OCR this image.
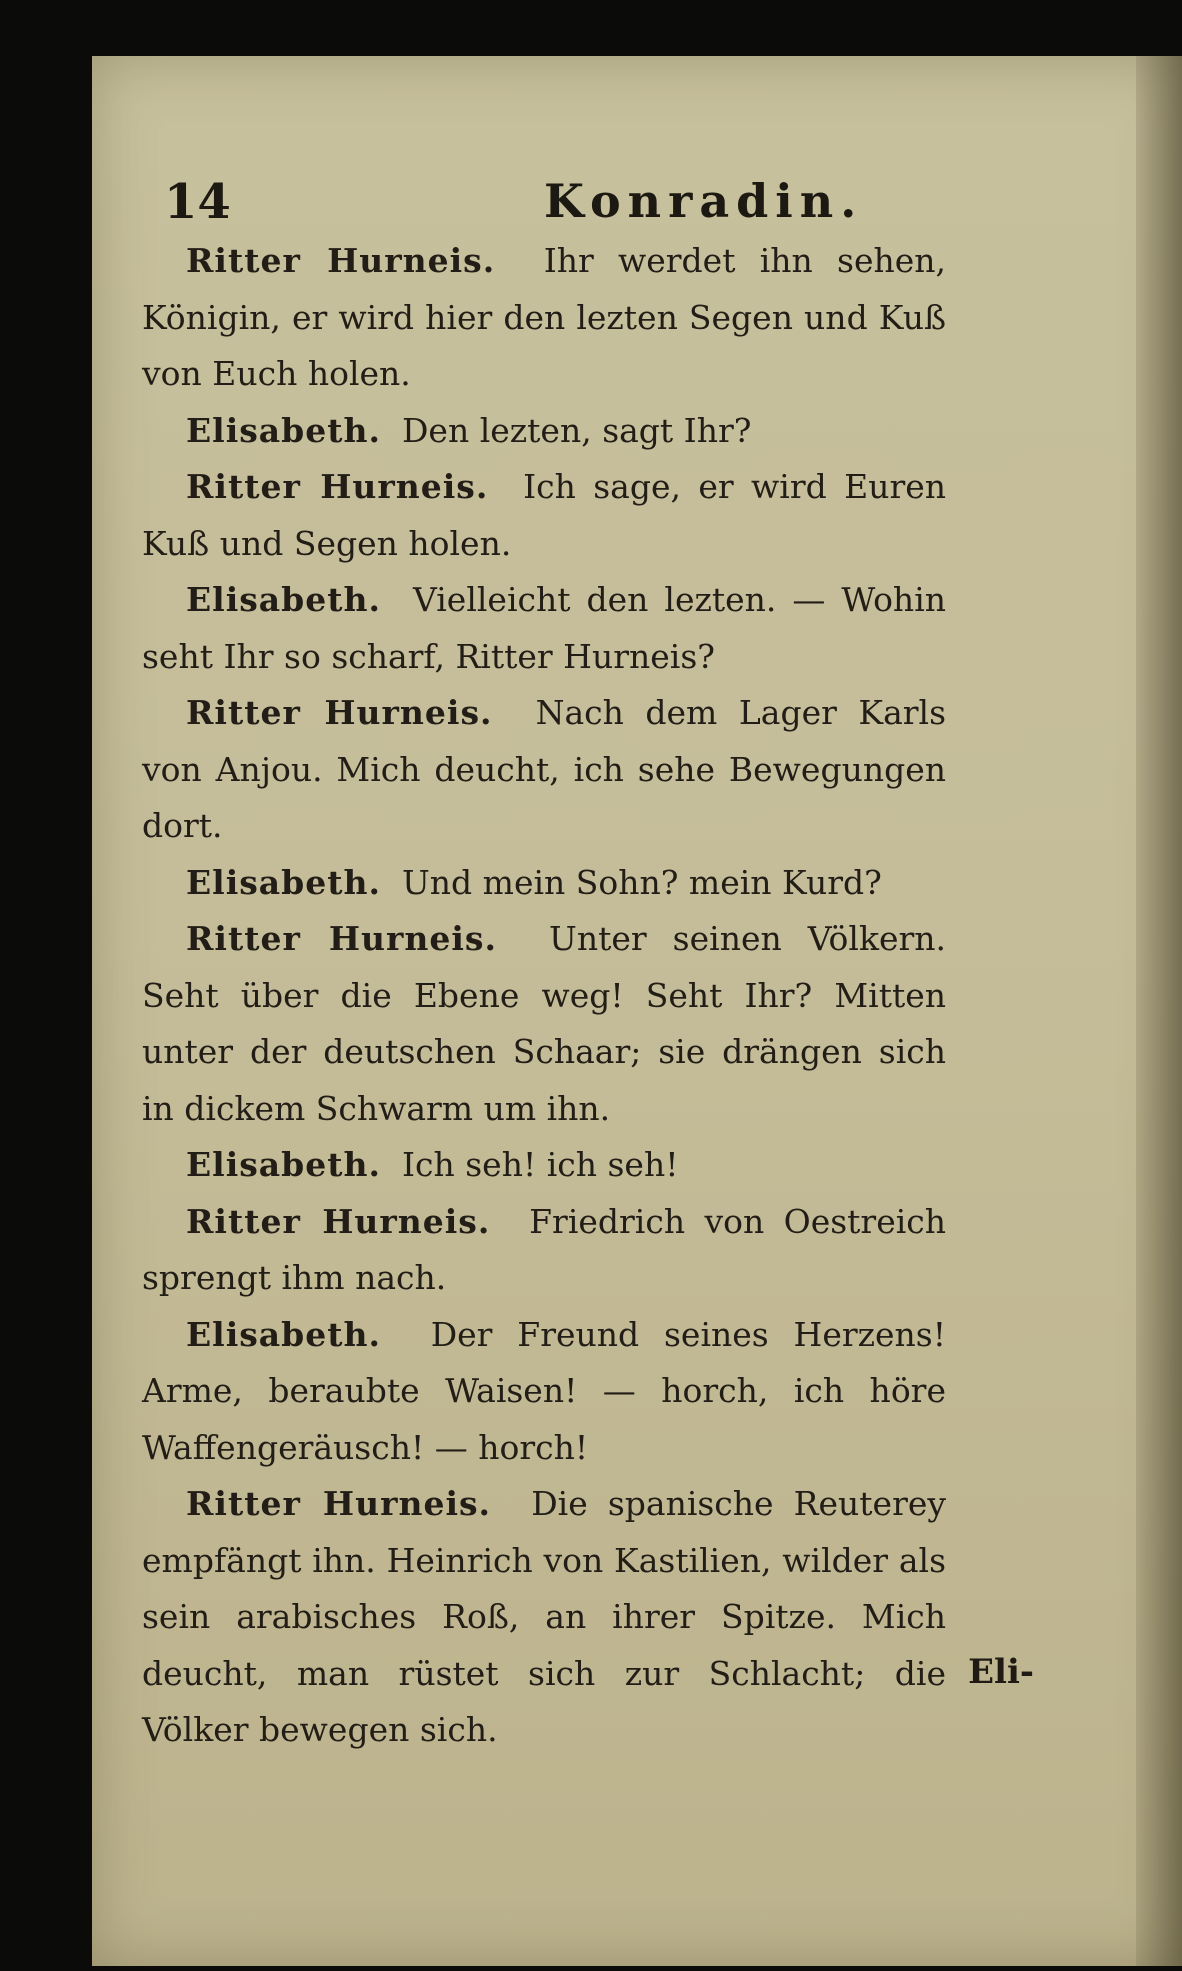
14	Konradin.

Ritter Hurneis. Ihr werdet ihn sehen, Königin, er wird hier den lezten Segen und Kuß von Euch holen.

Elisabeth. Den lezten, sagt Ihr?

Ritter Hurneis. Ich sage, er wird Euren Kuß und Segen holen.

Elisabeth. Vielleicht den lezten. — Wohin seht Ihr so scharf, Ritter Hurneis?

Ritter Hurneis. Nach dem Lager Karls von Anjou. Mich deucht, ich sehe Bewegungen dort.

Elisabeth. Und mein Sohn? mein Kurd?

Ritter Hurneis. Unter seinen Völkern. Seht über die Ebene weg! Seht Ihr? Mitten unter der deutschen Schaar; sie drängen sich in dickem Schwarm um ihn.

Elisabeth. Ich seh! ich seh!

Ritter Hurneis. Friedrich von Oestreich sprengt ihm nach.

Elisabeth. Der Freund seines Herzens! Arme, beraubte Waisen! — horch, ich höre Waffengeräusch! — horch!

Ritter Hurneis. Die spanische Reuterey empfängt ihn. Heinrich von Kastilien, wilder als sein arabisches Roß, an ihrer Spitze. Mich deucht, man rüstet sich zur Schlacht; die Völker bewegen sich.

Eli-
